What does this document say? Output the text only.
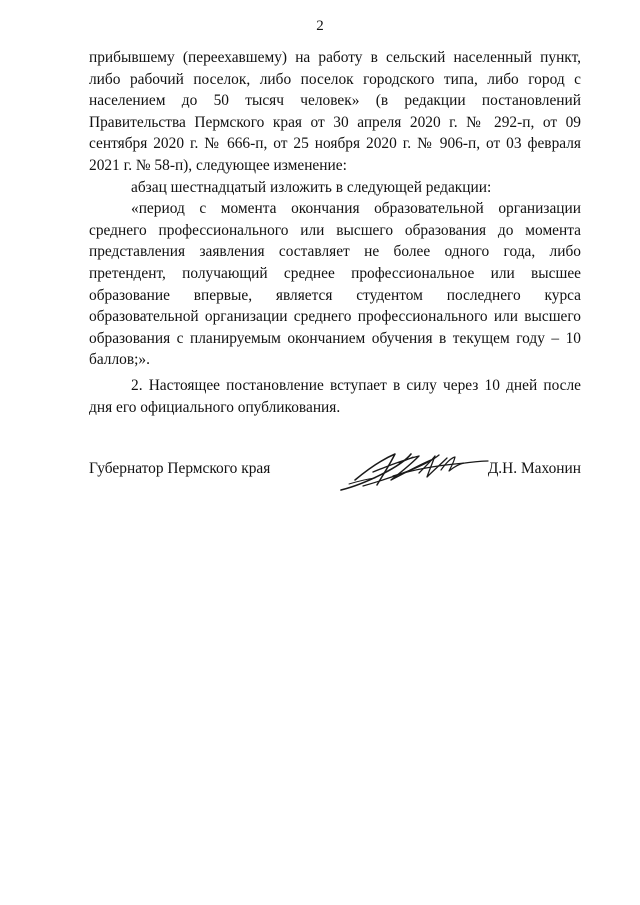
2

прибывшему (переехавшему) на работу в сельский населенный пункт, либо рабочий поселок, либо поселок городского типа, либо город с населением до 50 тысяч человек» (в редакции постановлений Правительства Пермского края от 30 апреля 2020 г. № 292-п, от 09 сентября 2020 г. № 666-п, от 25 ноября 2020 г. № 906-п, от 03 февраля 2021 г. № 58-п), следующее изменение:

абзац шестнадцатый изложить в следующей редакции:

«период с момента окончания образовательной организации среднего профессионального или высшего образования до момента представления заявления составляет не более одного года, либо претендент, получающий среднее профессиональное или высшее образование впервые, является студентом последнего курса образовательной организации среднего профессионального или высшего образования с планируемым окончанием обучения в текущем году – 10 баллов;».

2. Настоящее постановление вступает в силу через 10 дней после дня его официального опубликования.

Губернатор Пермского края	Д.Н. Махонин
